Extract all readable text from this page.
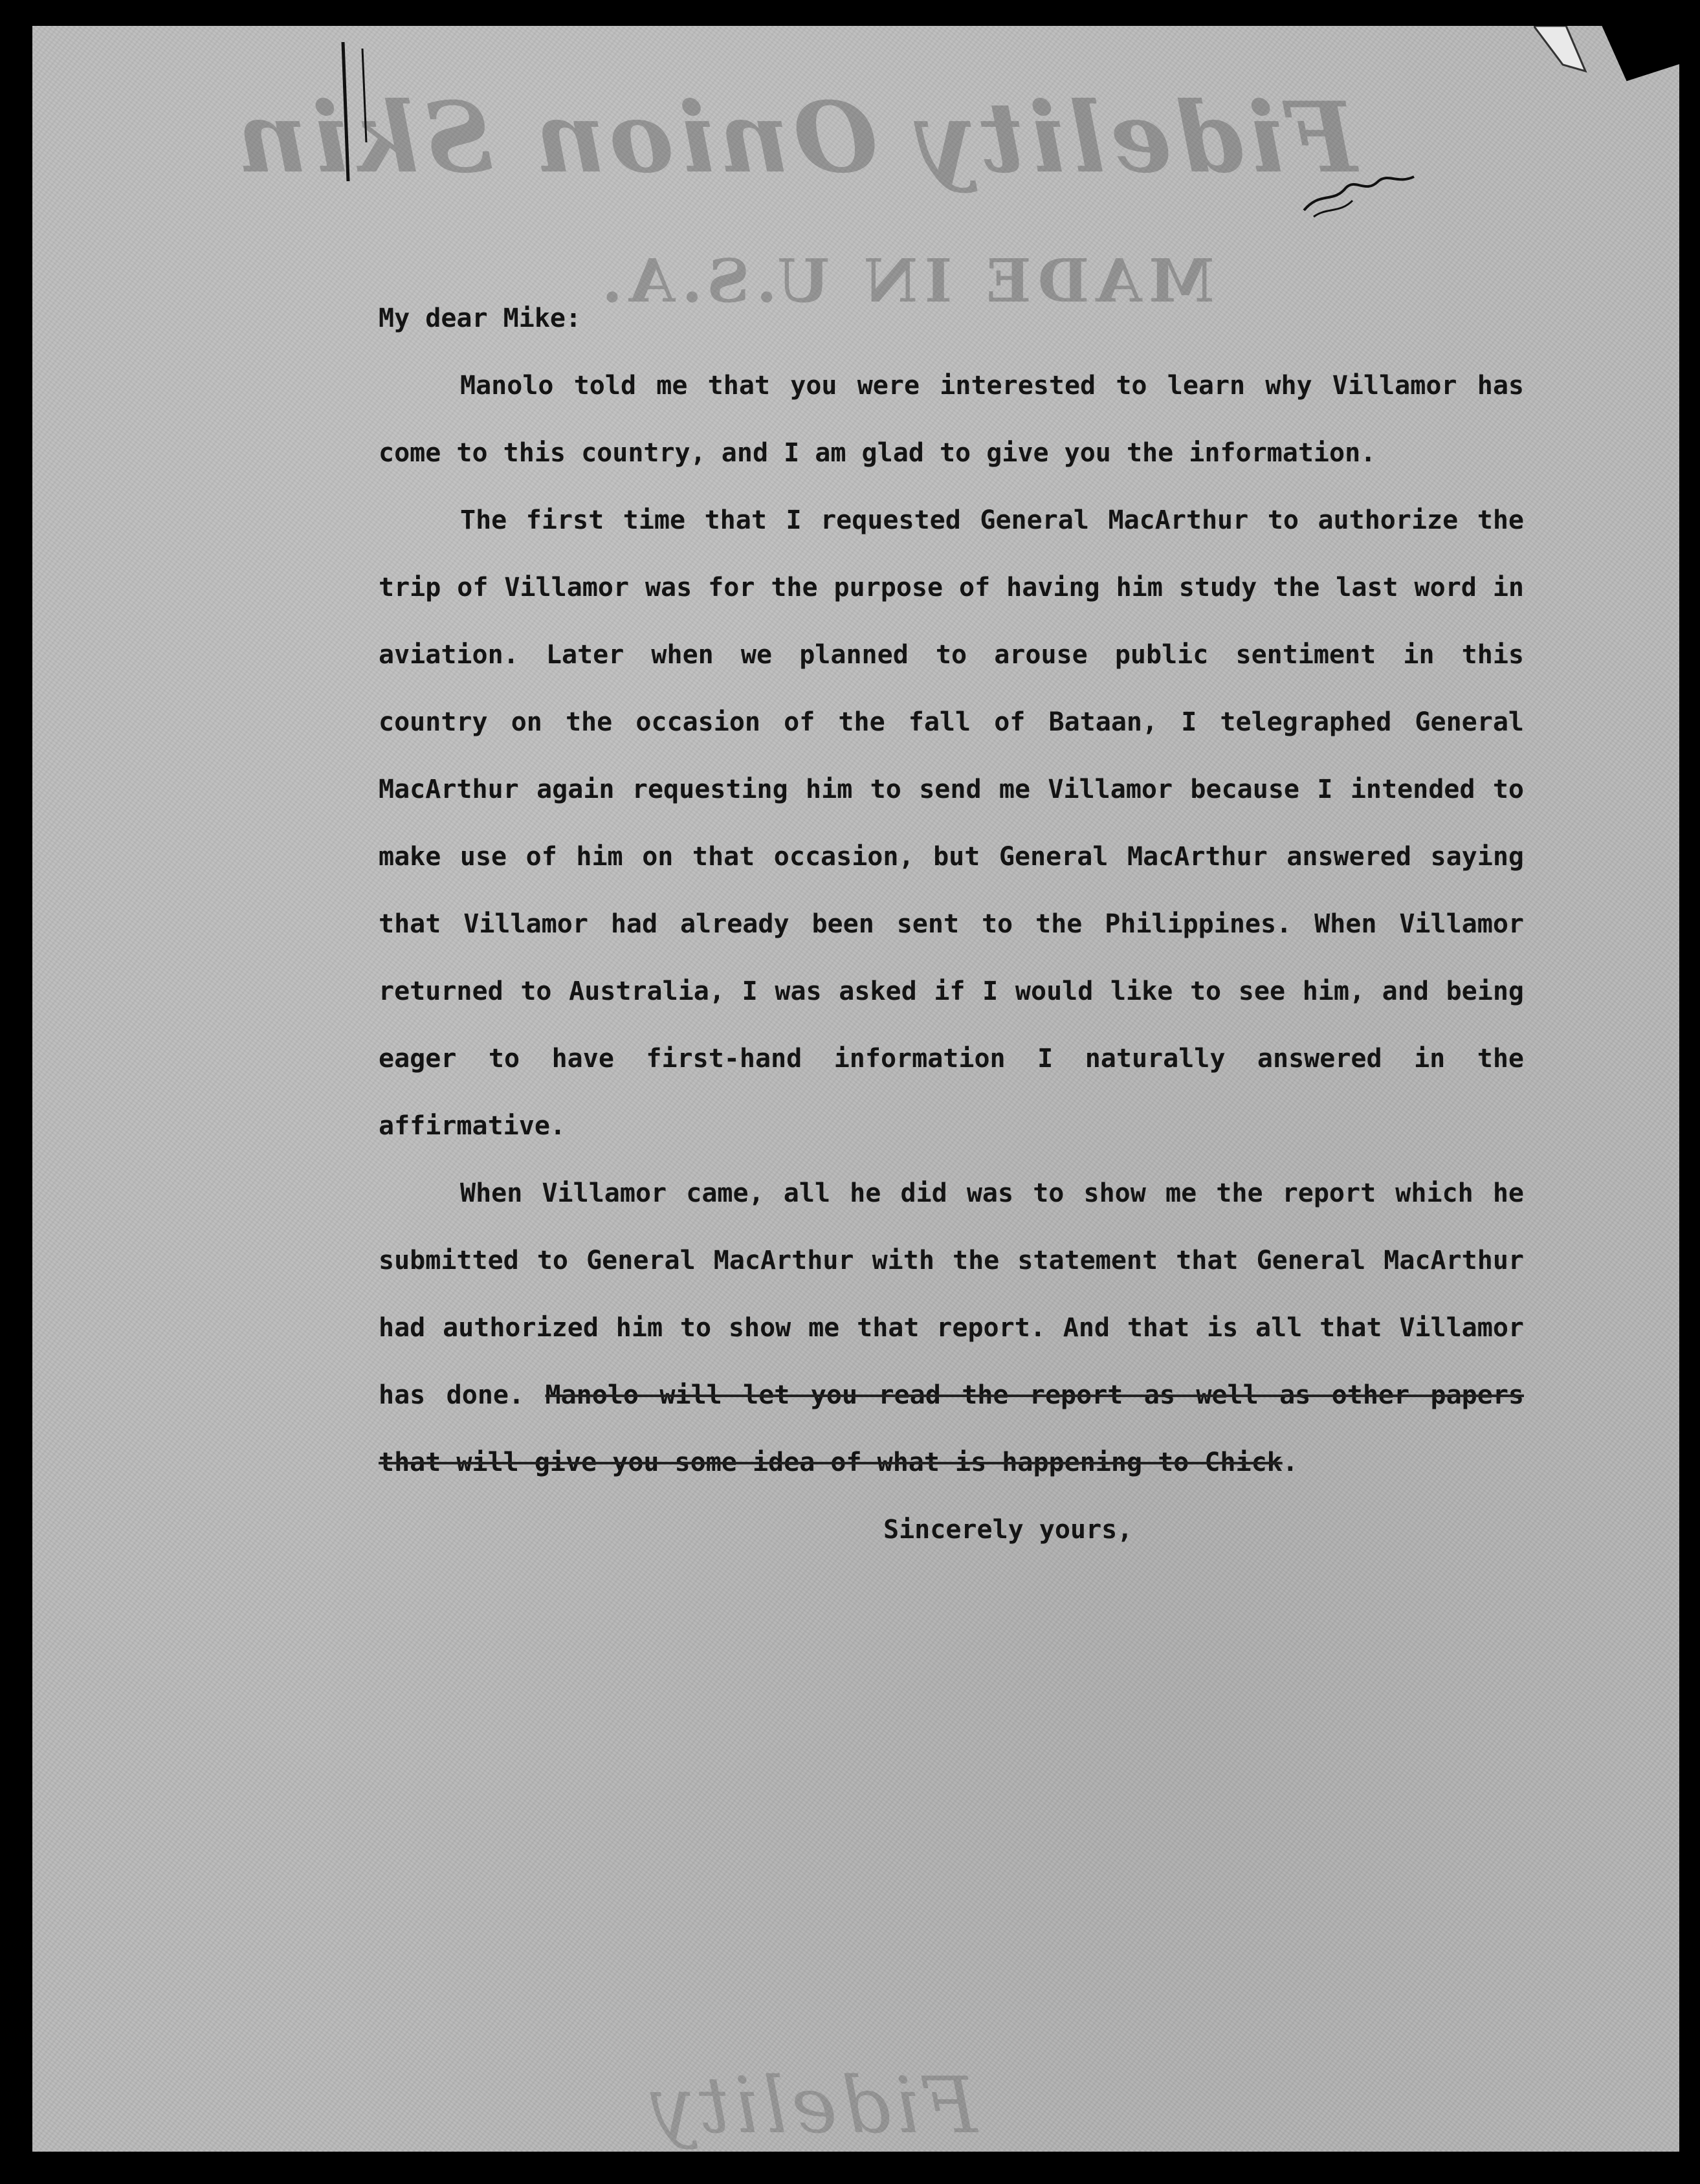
Fidelity Onion Skin
MADE IN U.S.A.
Fidelity

My dear Mike:

Manolo told me that you were interested to learn why Villamor has come to this country, and I am glad to give you the information.

The first time that I requested General MacArthur to authorize the trip of Villamor was for the purpose of having him study the last word in aviation. Later when we planned to arouse public sentiment in this country on the occasion of the fall of Bataan, I telegraphed General MacArthur again requesting him to send me Villamor because I intended to make use of him on that occasion, but General MacArthur answered saying that Villamor had already been sent to the Philippines. When Villamor returned to Australia, I was asked if I would like to see him, and being eager to have first-hand information I naturally answered in the affirmative.

When Villamor came, all he did was to show me the report which he submitted to General MacArthur with the statement that General MacArthur had authorized him to show me that report. And that is all that Villamor has done. Manolo will let you read the report as well as other papers that will give you some idea of what is happening to Chick.

Sincerely yours,
